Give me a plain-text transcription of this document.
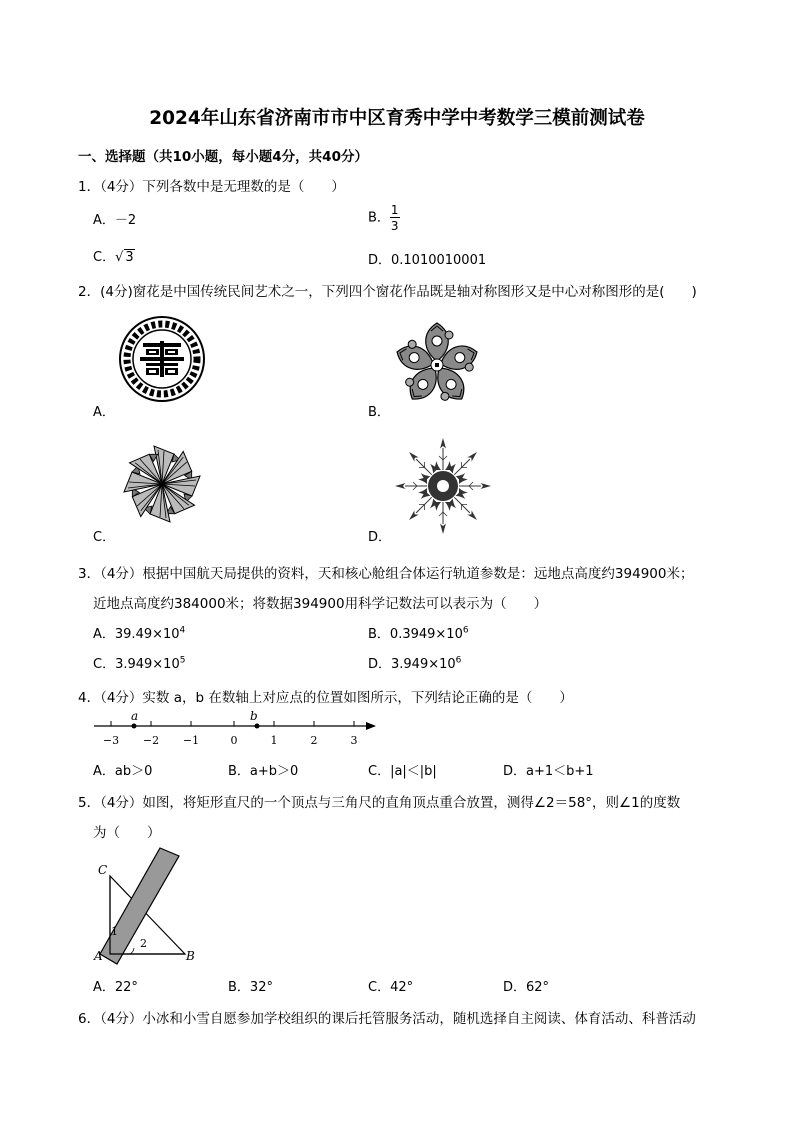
2024年山东省济南市市中区育秀中学中考数学三模前测试卷
一、选择题（共10小题，每小题4分，共40分）
1．（4分）下列各数中是无理数的是（　　）
A．－2	B． $\frac{1}{3}$
C．√ 3	D．0.1010010001
2．(4分)窗花是中国传统民间艺术之一，下列四个窗花作品既是轴对称图形又是中心对称图形的是(　　)
A．	B．
C．	D．
3．（4分）根据中国航天局提供的资料，天和核心舱组合体运行轨道参数是：远地点高度约394900米；
近地点高度约384000米；将数据394900用科学记数法可以表示为（　　）
A．$39.49\times 10^4$	B．$0.3949\times 10^6$
C．$3.949\times 10^5$	D．$3.949\times 10^6$
4．（4分）实数 a，b 在数轴上对应点的位置如图所示，下列结论正确的是（　　）
a	b
−3 −2 −1	0	1	2	3
A．ab＞0	B．a+b＞0	C．|a|＜|b|	D．a+1＜b+1
5．（4分）如图，将矩形直尺的一个顶点与三角尺的直角顶点重合放置，测得∠2＝58°，则∠1的度数
为（　　）
C
A	B
1
2
A．22°	B．32°	C．42°	D．62°
6．（4分）小冰和小雪自愿参加学校组织的课后托管服务活动，随机选择自主阅读、体育活动、科普活动
